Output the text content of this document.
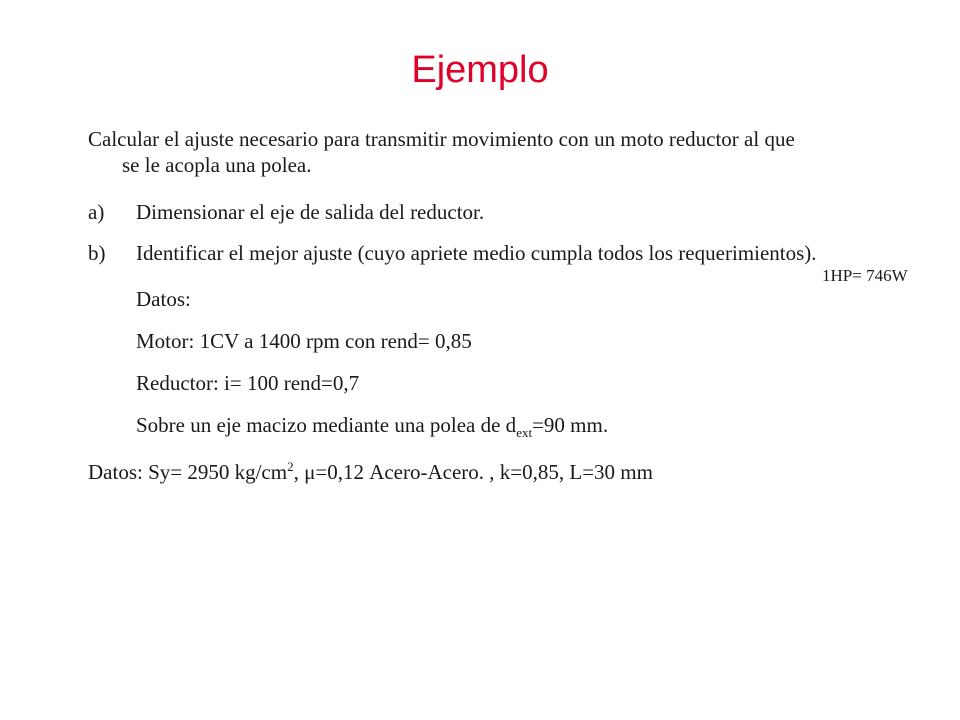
Ejemplo
Calcular el ajuste necesario para transmitir movimiento con un moto reductor al que
se le acopla una polea.
a) Dimensionar el eje de salida del reductor.
b) Identificar el mejor ajuste (cuyo apriete medio cumpla todos los requerimientos).
1HP= 746W
Datos:
Motor: 1CV a 1400 rpm con rend= 0,85
Reductor: i= 100 rend=0,7
Sobre un eje macizo mediante una polea de $d_{ext}=90$ mm.
Datos: Sy= 2950 $kg/cm^2$, μ=0,12 Acero-Acero. , k=0,85, L=30 mm
